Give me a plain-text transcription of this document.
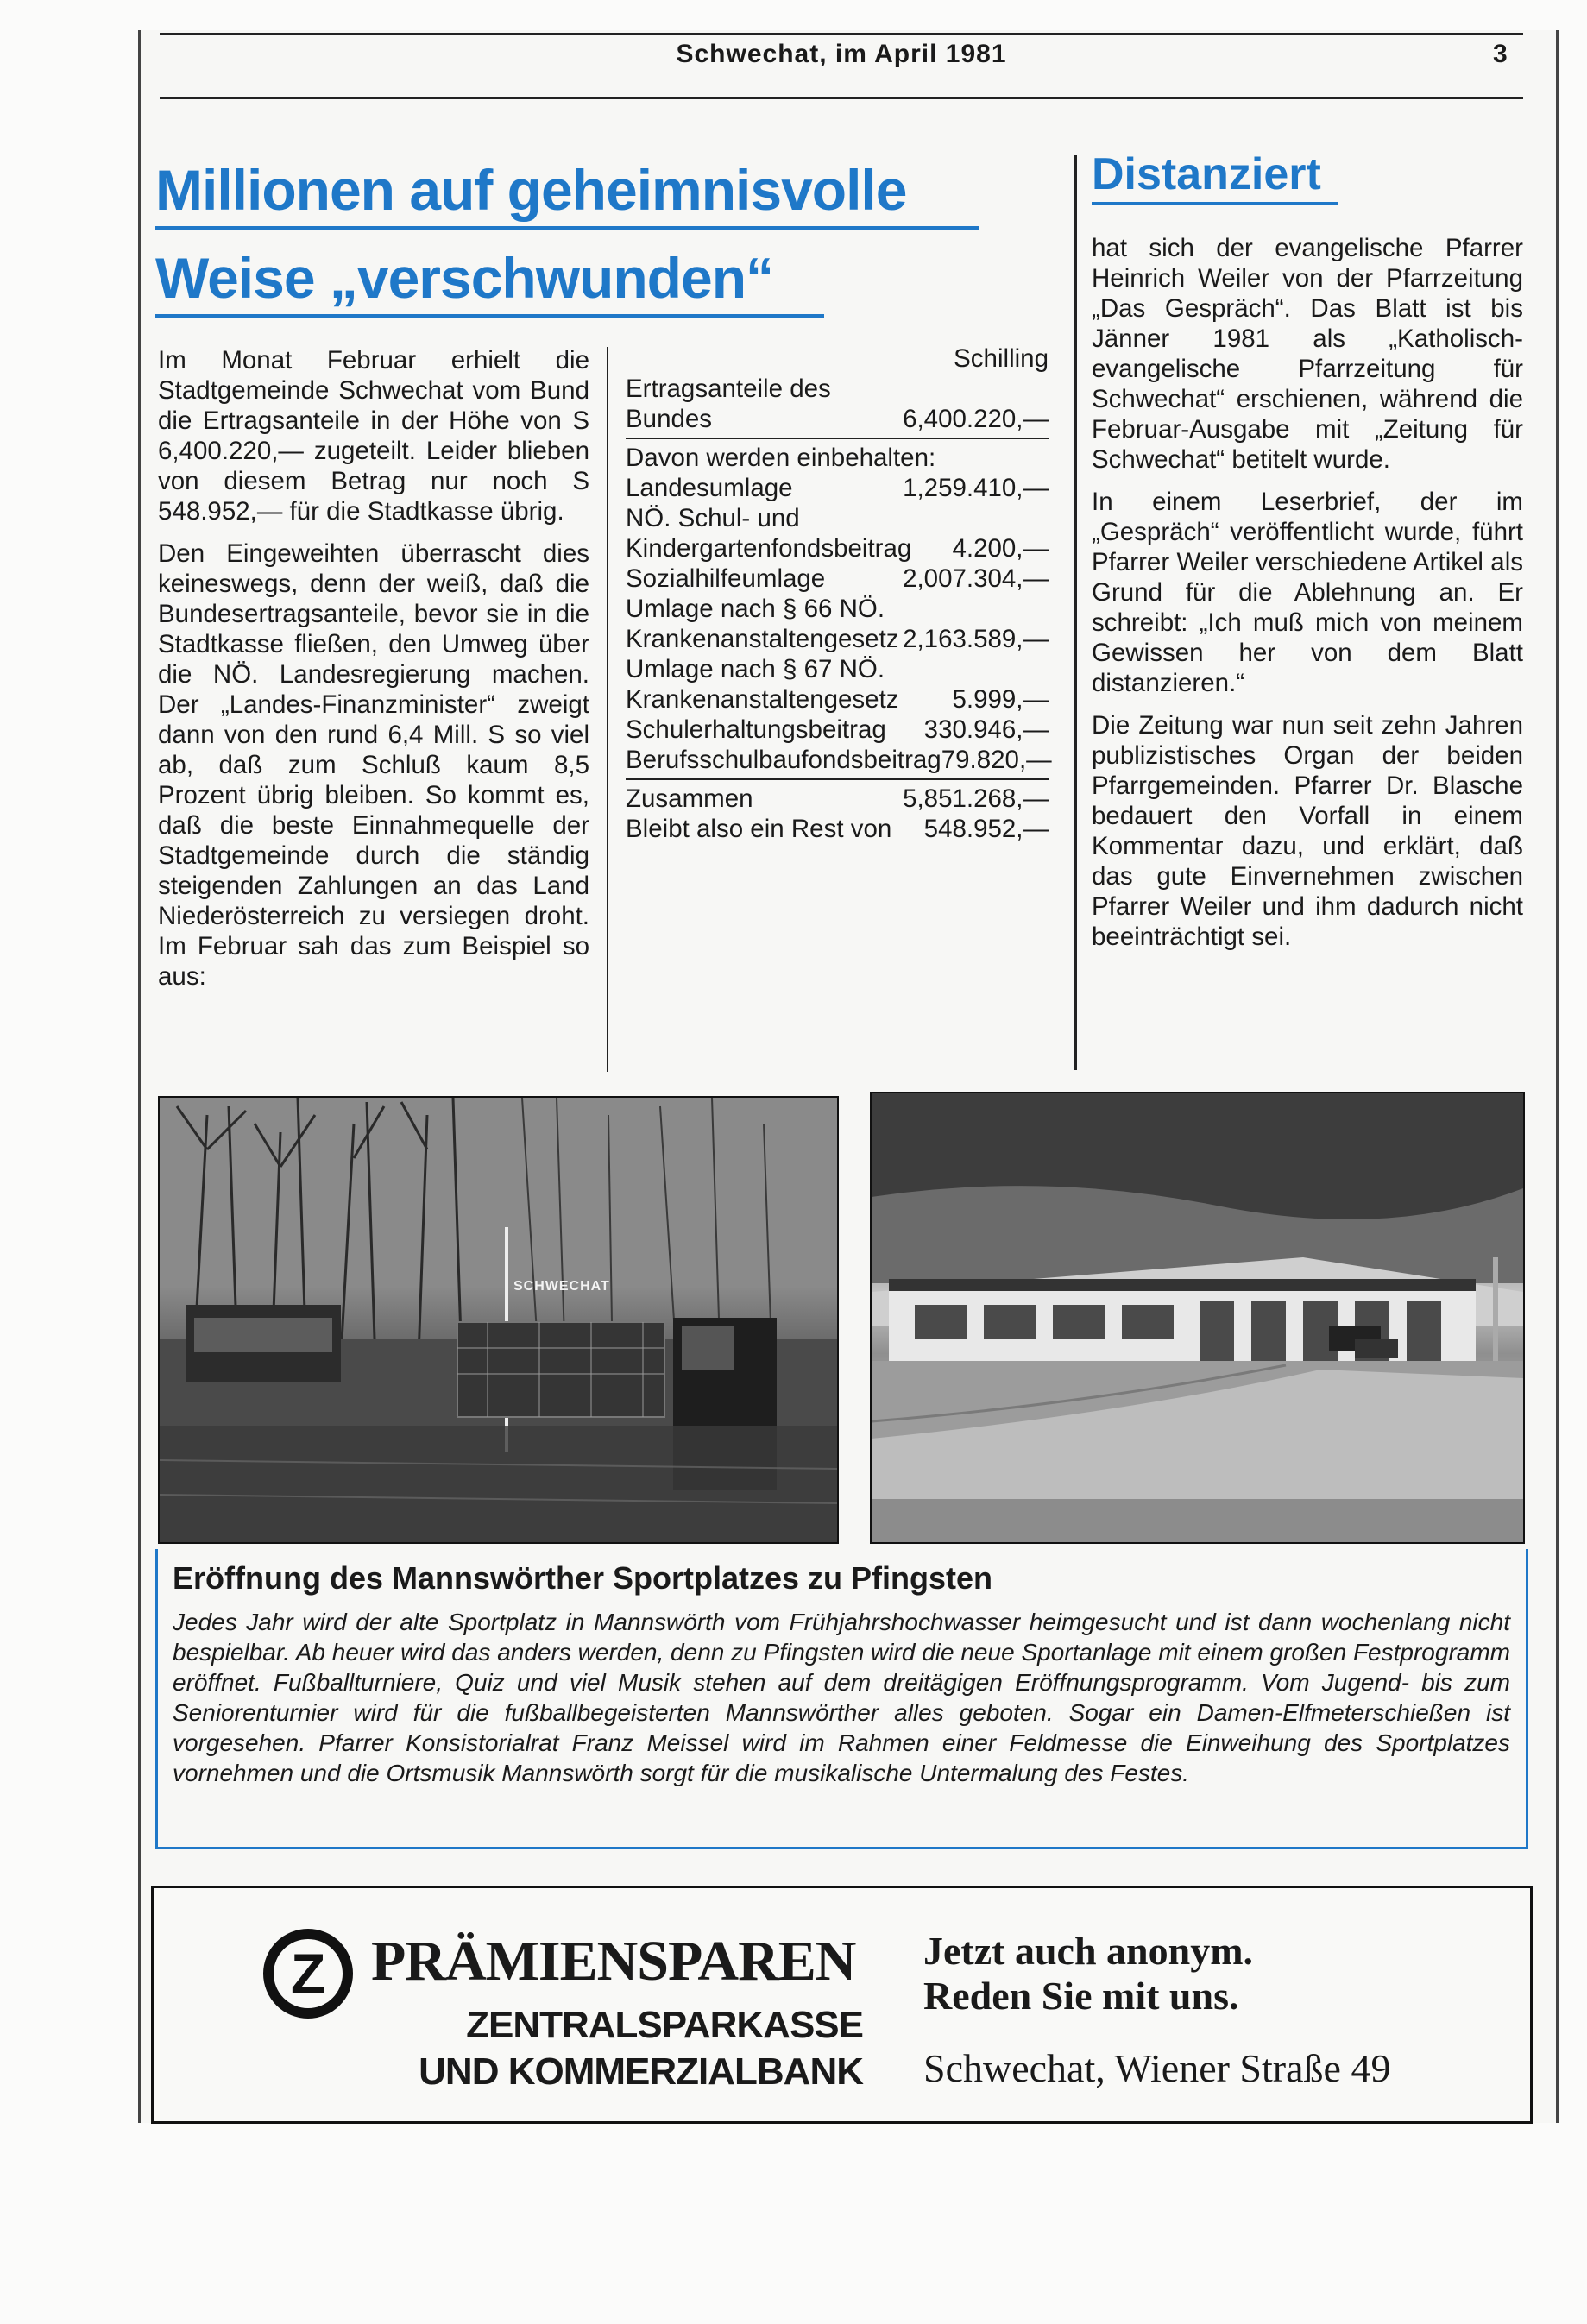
Schwechat, im April 1981	3
Millionen auf geheimnisvolle
Weise „verschwunden“

Im Monat Februar erhielt die Stadtgemeinde Schwechat vom Bund die Ertragsanteile in der Höhe von S 6,400.220,— zugeteilt. Leider blieben von diesem Betrag nur noch S 548.952,— für die Stadtkasse übrig.

Den Eingeweihten überrascht dies keineswegs, denn der weiß, daß die Bundesertragsanteile, bevor sie in die Stadtkasse fließen, den Umweg über die NÖ. Landesregierung machen. Der „Landes-Finanzminister“ zweigt dann von den rund 6,4 Mill. S so viel ab, daß zum Schluß kaum 8,5 Prozent übrig bleiben. So kommt es, daß die beste Einnahmequelle der Stadtgemeinde durch die ständig steigenden Zahlungen an das Land Niederösterreich zu versiegen droht. Im Februar sah das zum Beispiel so aus:

Schilling
Ertragsanteile des Bundes	6,400.220,—
Davon werden einbehalten:
Landesumlage	1,259.410,—
NÖ. Schul- und Kindergartenfondsbeitrag	4.200,—
Sozialhilfeumlage	2,007.304,—
Umlage nach § 66 NÖ. Krankenanstaltengesetz 2,163.589,—
Umlage nach § 67 NÖ. Krankenanstaltengesetz	5.999,—
Schulerhaltungsbeitrag	330.946,—
Berufsschulbaufondsbeitrag 79.820,—
Zusammen	5,851.268,—
Bleibt also ein Rest von	548.952,—
Distanziert

hat sich der evangelische Pfarrer Heinrich Weiler von der Pfarrzeitung „Das Gespräch“. Das Blatt ist bis Jänner 1981 als „Katholisch-evangelische Pfarrzeitung für Schwechat“ erschienen, während die Februar-Ausgabe mit „Zeitung für Schwechat“ betitelt wurde.

In einem Leserbrief, der im „Gespräch“ veröffentlicht wurde, führt Pfarrer Weiler verschiedene Artikel als Grund für die Ablehnung an. Er schreibt: „Ich muß mich von meinem Gewissen her von dem Blatt distanzieren.“

Die Zeitung war nun seit zehn Jahren publizistisches Organ der beiden Pfarrgemeinden. Pfarrer Dr. Blasche bedauert den Vorfall in einem Kommentar dazu, und erklärt, daß das gute Einvernehmen zwischen Pfarrer Weiler und ihm dadurch nicht beeinträchtigt sei.

SCHWECHAT
Eröffnung des Mannswörther Sportplatzes zu Pfingsten
Jedes Jahr wird der alte Sportplatz in Mannswörth vom Frühjahrshochwasser heimgesucht und ist dann wochenlang nicht bespielbar. Ab heuer wird das anders werden, denn zu Pfingsten wird die neue Sportanlage mit einem großen Festprogramm eröffnet. Fußballturniere, Quiz und viel Musik stehen auf dem dreitägigen Eröffnungsprogramm. Vom Jugend- bis zum Seniorenturnier wird für die fußballbegeisterten Mannswörther alles geboten. Sogar ein Damen-Elfmeterschießen ist vorgesehen. Pfarrer Konsistorialrat Franz Meissel wird im Rahmen einer Feldmesse die Einweihung des Sportplatzes vornehmen und die Ortsmusik Mannswörth sorgt für die musikalische Untermalung des Festes.
Z PRÄMIENSPAREN
ZENTRALSPARKASSE
UND KOMMERZIALBANK
Jetzt auch anonym.
Reden Sie mit uns.
Schwechat, Wiener Straße 49
